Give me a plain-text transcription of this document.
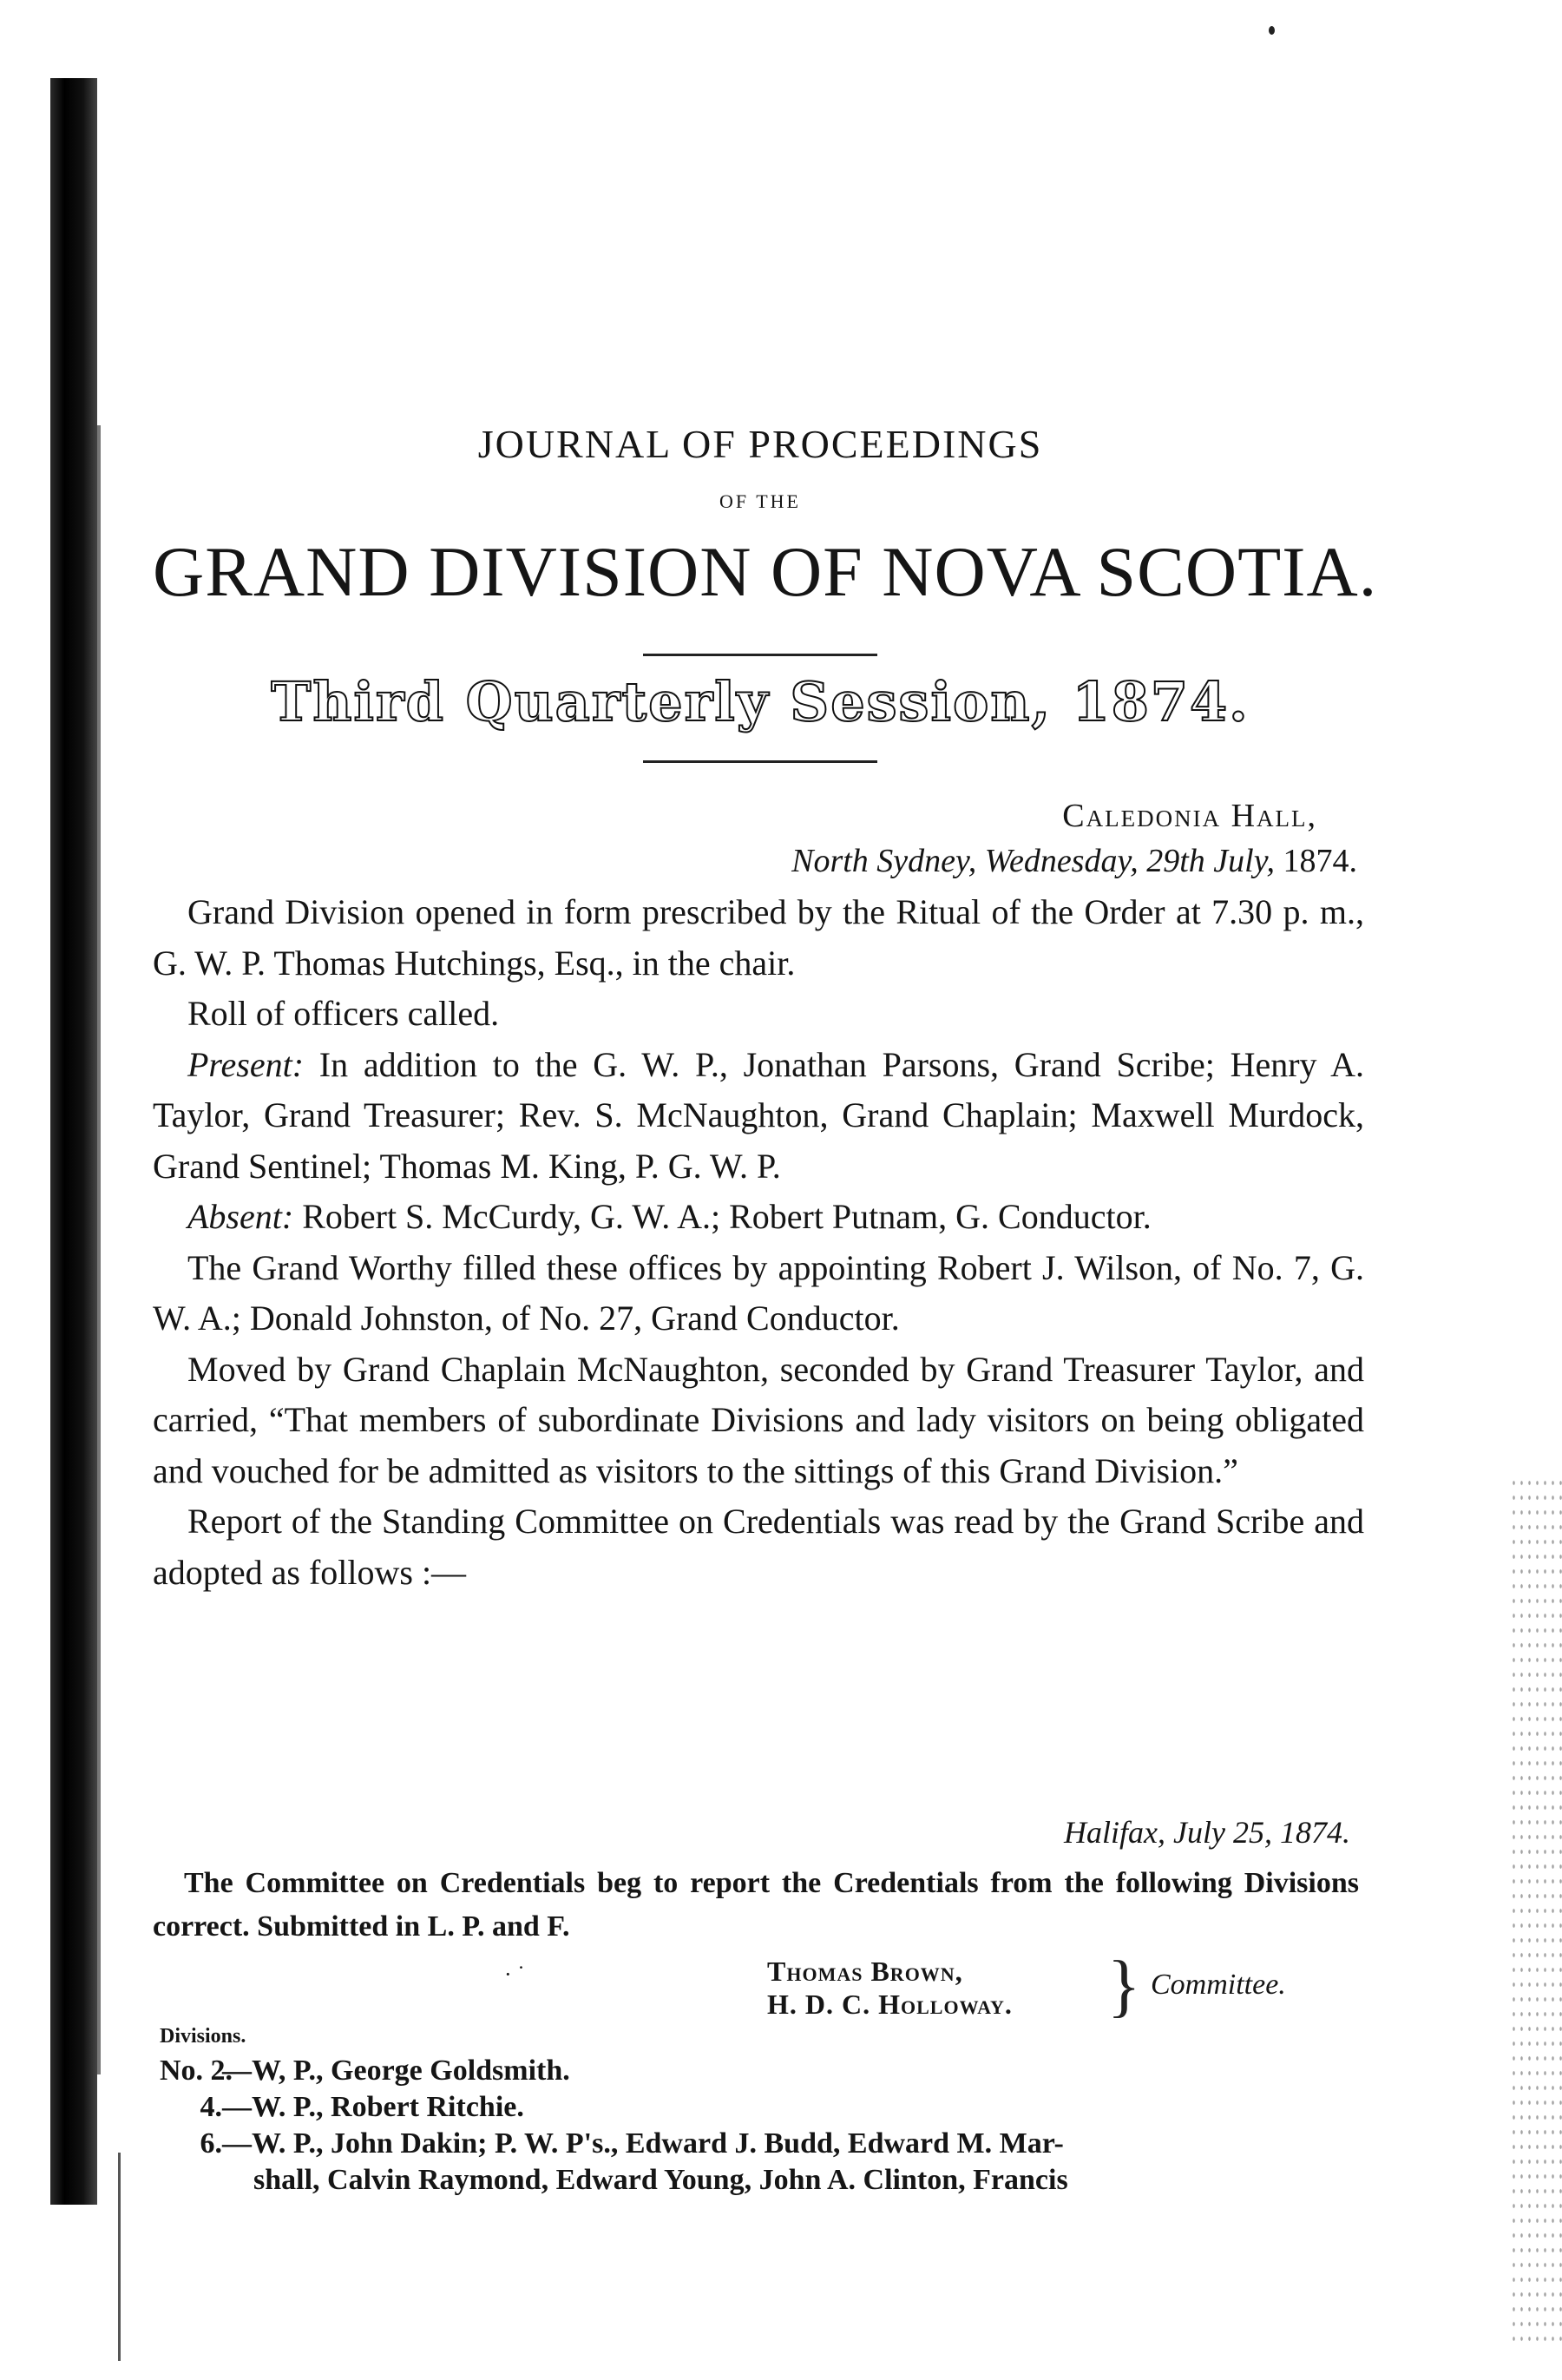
JOURNAL OF PROCEEDINGS
OF THE
GRAND DIVISION OF NOVA SCOTIA.
Third Quarterly Session, 1874.
Caledonia Hall,
North Sydney, Wednesday, 29th July, 1874.

Grand Division opened in form prescribed by the Ritual of the Order at 7.30 p. m., G. W. P. Thomas Hutchings, Esq., in the chair.

Roll of officers called.

Present: In addition to the G. W. P., Jonathan Parsons, Grand Scribe; Henry A. Taylor, Grand Treasurer; Rev. S. McNaughton, Grand Chaplain; Maxwell Murdock, Grand Sentinel; Thomas M. King, P. G. W. P.

Absent: Robert S. McCurdy, G. W. A.; Robert Putnam, G. Conductor.

The Grand Worthy filled these offices by appointing Robert J. Wilson, of No. 7, G. W. A.; Donald Johnston, of No. 27, Grand Conductor.

Moved by Grand Chaplain McNaughton, seconded by Grand Treasurer Taylor, and carried, “That members of subordinate Divisions and lady visitors on being obligated and vouched for be admitted as visitors to the sittings of this Grand Division.”

Report of the Standing Committee on Credentials was read by the Grand Scribe and adopted as follows :—

Halifax, July 25, 1874.
The Committee on Credentials beg to report the Credentials from the following Divisions correct. Submitted in L. P. and F.
· ˙	Thomas Brown,
H. D. C. Holloway. } Committee.
Divisions.
No. 2.—W, P., George Goldsmith.
4.—W. P., Robert Ritchie.
6.—W. P., John Dakin; P. W. P's., Edward J. Budd, Edward M. Mar-
shall, Calvin Raymond, Edward Young, John A. Clinton, Francis
